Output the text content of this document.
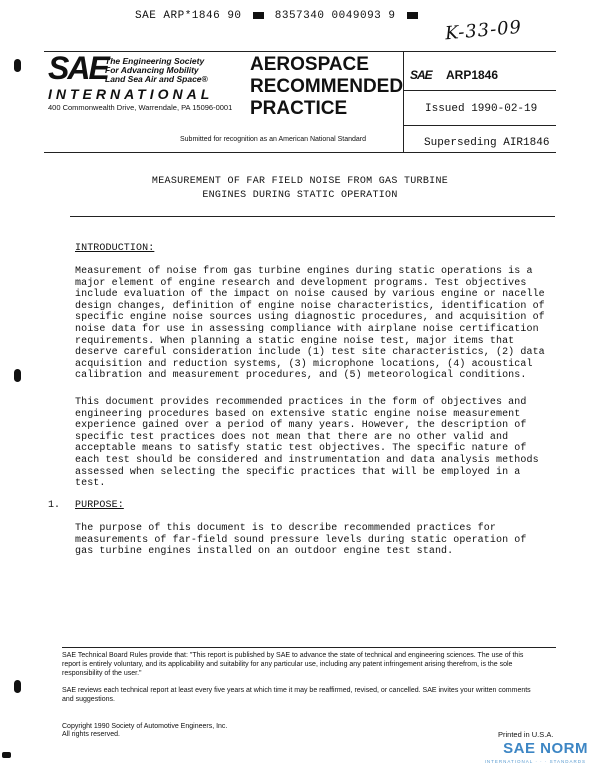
SAE ARP*1846 90	8357340 0049093 9
K-33-09
SAE
The Engineering Society
For Advancing Mobility
Land Sea Air and Space®
INTERNATIONAL
400 Commonwealth Drive, Warrendale, PA 15096-0001
AEROSPACE
RECOMMENDED
PRACTICE
SAE ARP1846
Issued 1990-02-19
Superseding AIR1846
Submitted for recognition as an American National Standard
MEASUREMENT OF FAR FIELD NOISE FROM GAS TURBINE
ENGINES DURING STATIC OPERATION
INTRODUCTION:
Measurement of noise from gas turbine engines during static operations is a major element of engine research and development programs. Test objectives include evaluation of the impact on noise caused by various engine or nacelle design changes, definition of engine noise characteristics, identification of specific engine noise sources using diagnostic procedures, and acquisition of noise data for use in assessing compliance with airplane noise certification requirements. When planning a static engine noise test, major items that deserve careful consideration include (1) test site characteristics, (2) data acquisition and reduction systems, (3) microphone locations, (4) acoustical calibration and measurement procedures, and (5) meteorological conditions.
This document provides recommended practices in the form of objectives and engineering procedures based on extensive static engine noise measurement experience gained over a period of many years. However, the description of specific test practices does not mean that there are no other valid and acceptable means to satisfy static test objectives. The specific nature of each test should be considered and instrumentation and data analysis methods assessed when selecting the specific practices that will be employed in a test.
1. PURPOSE:
The purpose of this document is to describe recommended practices for measurements of far-field sound pressure levels during static operation of gas turbine engines installed on an outdoor engine test stand.
SAE Technical Board Rules provide that: "This report is published by SAE to advance the state of technical and engineering sciences. The use of this report is entirely voluntary, and its applicability and suitability for any particular use, including any patent infringement arising therefrom, is the sole responsibility of the user."
SAE reviews each technical report at least every five years at which time it may be reaffirmed, revised, or cancelled. SAE invites your written comments and suggestions.
Copyright 1990 Society of Automotive Engineers, Inc.
All rights reserved.	Printed in U.S.A.
SAE NORM
INTERNATIONAL · · · STANDARDS
